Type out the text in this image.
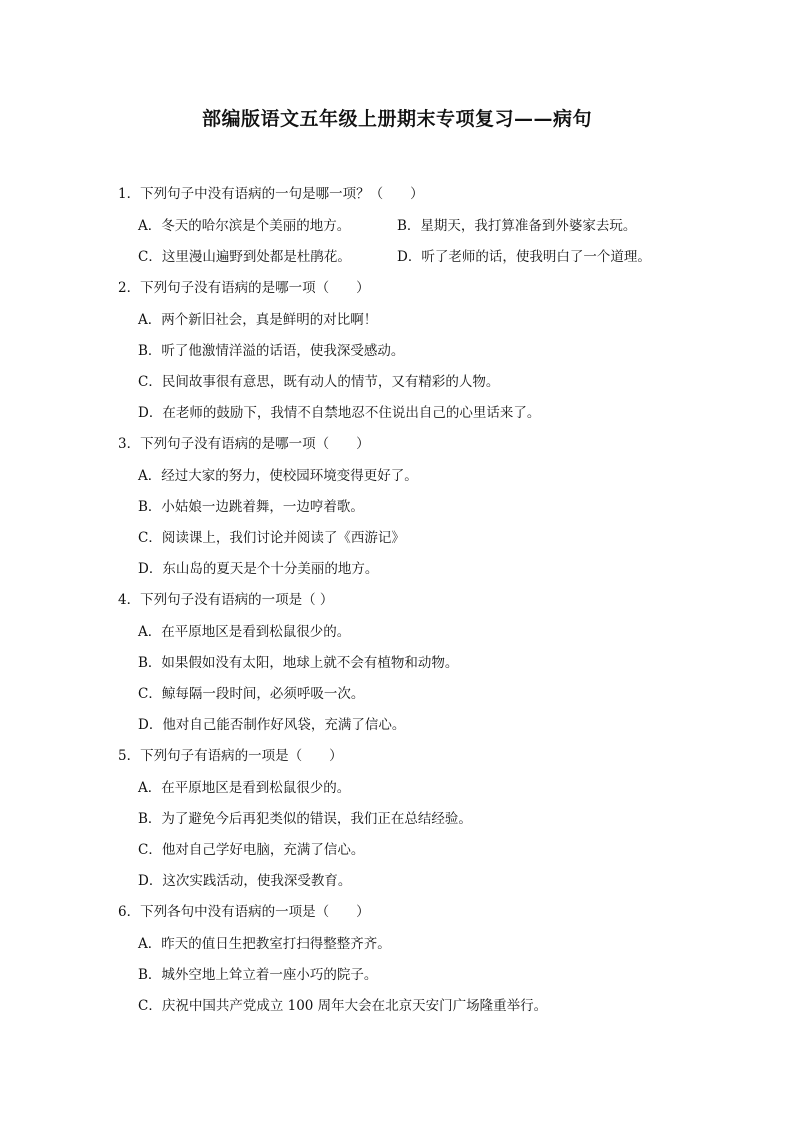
部编版语文五年级上册期末专项复习——病句
1．下列句子中没有语病的一句是哪一项？（　　）
A．冬天的哈尔滨是个美丽的地方。	B．星期天，我打算准备到外婆家去玩。
C．这里漫山遍野到处都是杜鹃花。	D．听了老师的话，使我明白了一个道理。
2．下列句子没有语病的是哪一项（　　）
A．两个新旧社会，真是鲜明的对比啊！
B．听了他激情洋溢的话语，使我深受感动。
C．民间故事很有意思，既有动人的情节，又有精彩的人物。
D．在老师的鼓励下，我情不自禁地忍不住说出自己的心里话来了。
3．下列句子没有语病的是哪一项（　　）
A．经过大家的努力，使校园环境变得更好了。
B．小姑娘一边跳着舞，一边哼着歌。
C．阅读课上，我们讨论并阅读了《西游记》
D．东山岛的夏天是个十分美丽的地方。
4．下列句子没有语病的一项是（ ）
A．在平原地区是看到松鼠很少的。
B．如果假如没有太阳，地球上就不会有植物和动物。
C．鲸每隔一段时间，必须呼吸一次。
D．他对自己能否制作好风袋，充满了信心。
5．下列句子有语病的一项是（　　）
A．在平原地区是看到松鼠很少的。
B．为了避免今后再犯类似的错误，我们正在总结经验。
C．他对自己学好电脑，充满了信心。
D．这次实践活动，使我深受教育。
6．下列各句中没有语病的一项是（　　）
A．昨天的值日生把教室打扫得整整齐齐。
B．城外空地上耸立着一座小巧的院子。
C．庆祝中国共产党成立 100 周年大会在北京天安门广场隆重举行。
